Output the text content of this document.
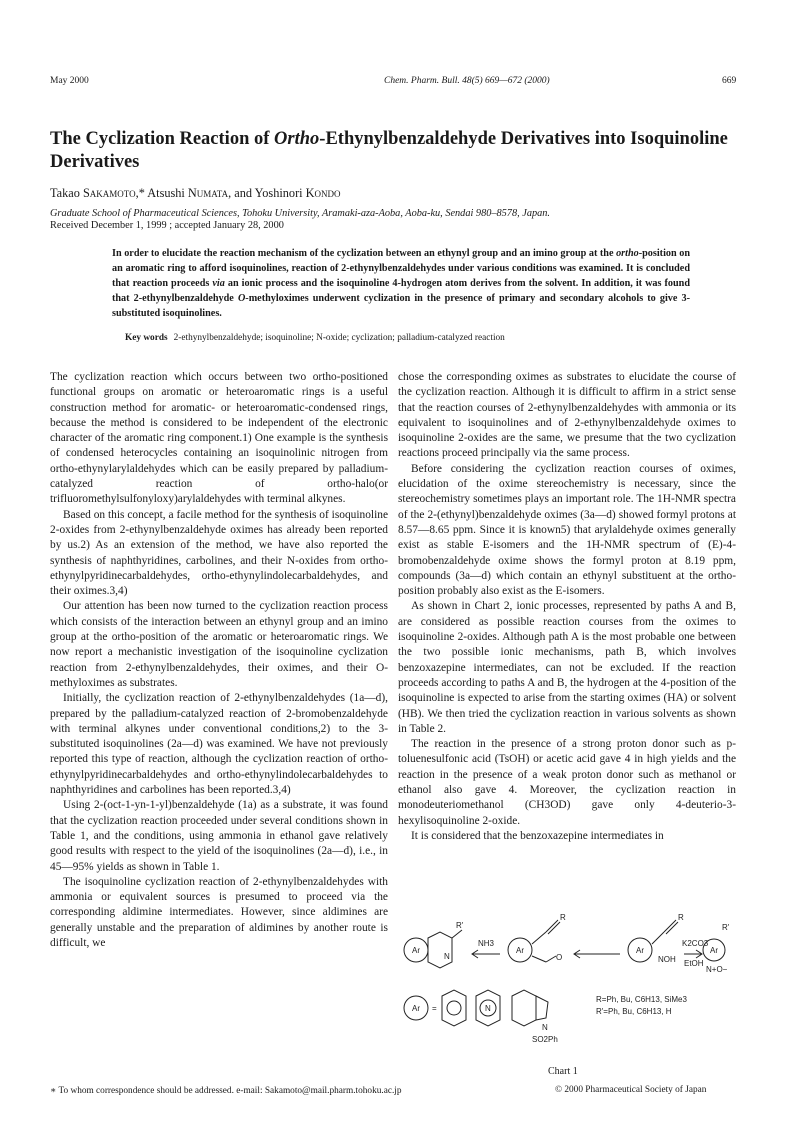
May 2000	Chem. Pharm. Bull. 48(5) 669—672 (2000)	669
The Cyclization Reaction of Ortho-Ethynylbenzaldehyde Derivatives into Isoquinoline Derivatives
Takao Sakamoto,* Atsushi Numata, and Yoshinori Kondo
Graduate School of Pharmaceutical Sciences, Tohoku University, Aramaki-aza-Aoba, Aoba-ku, Sendai 980–8578, Japan.
Received December 1, 1999 ; accepted January 28, 2000
In order to elucidate the reaction mechanism of the cyclization between an ethynyl group and an imino group at the ortho-position on an aromatic ring to afford isoquinolines, reaction of 2-ethynylbenzaldehydes under various conditions was examined. It is concluded that reaction proceeds via an ionic process and the isoquinoline 4-hydrogen atom derives from the solvent. In addition, it was found that 2-ethynylbenzaldehyde O-methyloximes underwent cyclization in the presence of primary and secondary alcohols to give 3-substituted isoquinolines.
Key words 2-ethynylbenzaldehyde; isoquinoline; N-oxide; cyclization; palladium-catalyzed reaction

The cyclization reaction which occurs between two ortho-positioned functional groups on aromatic or heteroaromatic rings is a useful construction method for aromatic- or heteroaromatic-condensed rings, because the method is considered to be independent of the electronic character of the aromatic ring component.1) One example is the synthesis of condensed heterocycles containing an isoquinolinic nitrogen from ortho-ethynylarylaldehydes which can be easily prepared by palladium-catalyzed reaction of ortho-halo(or trifluoromethylsulfonyloxy)arylaldehydes with terminal alkynes.

Based on this concept, a facile method for the synthesis of isoquinoline 2-oxides from 2-ethynylbenzaldehyde oximes has already been reported by us.2) As an extension of the method, we have also reported the synthesis of naphthyridines, carbolines, and their N-oxides from ortho-ethynylpyridinecarbaldehydes, ortho-ethynylindolecarbaldehydes, and their oximes.3,4)

Our attention has been now turned to the cyclization reaction process which consists of the interaction between an ethynyl group and an imino group at the ortho-position of the aromatic or heteroaromatic rings. We now report a mechanistic investigation of the isoquinoline cyclization reaction from 2-ethynylbenzaldehydes, their oximes, and their O-methyloximes as substrates.

Initially, the cyclization reaction of 2-ethynylbenzaldehydes (1a—d), prepared by the palladium-catalyzed reaction of 2-bromobenzaldehyde with terminal alkynes under conventional conditions,2) to the 3-substituted isoquinolines (2a—d) was examined. We have not previously reported this type of reaction, although the cyclization reaction of ortho-ethynylpyridinecarbaldehydes and ortho-ethynylindolecarbaldehydes to naphthyridines and carbolines has been reported.3,4)

Using 2-(oct-1-yn-1-yl)benzaldehyde (1a) as a substrate, it was found that the cyclization reaction proceeded under several conditions shown in Table 1, and the conditions, using ammonia in ethanol gave relatively good results with respect to the yield of the isoquinolines (2a—d), i.e., in 45—95% yields as shown in Table 1.

The isoquinoline cyclization reaction of 2-ethynylbenzaldehydes with ammonia or equivalent sources is presumed to proceed via the corresponding aldimine intermediates. However, since aldimines are generally unstable and the preparation of aldimines by another route is difficult, we

chose the corresponding oximes as substrates to elucidate the course of the cyclization reaction. Although it is difficult to affirm in a strict sense that the reaction courses of 2-ethynylbenzaldehydes with ammonia or its equivalent to isoquinolines and of 2-ethynylbenzaldehyde oximes to isoquinoline 2-oxides are the same, we presume that the two cyclization reactions proceed principally via the same process.

Before considering the cyclization reaction courses of oximes, elucidation of the oxime stereochemistry is necessary, since the stereochemistry sometimes plays an important role. The 1H-NMR spectra of the 2-(ethynyl)benzaldehyde oximes (3a—d) showed formyl protons at 8.57—8.65 ppm. Since it is known5) that arylaldehyde oximes generally exist as stable E-isomers and the 1H-NMR spectrum of (E)-4-bromobenzaldehyde oxime shows the formyl proton at 8.19 ppm, compounds (3a—d) which contain an ethynyl substituent at the ortho-position probably also exist as the E-isomers.

As shown in Chart 2, ionic processes, represented by paths A and B, are considered as possible reaction courses from the oximes to isoquinoline 2-oxides. Although path A is the most probable one between the two possible ionic mechanisms, path B, which involves benzoxazepine intermediates, can not be excluded. If the reaction proceeds according to paths A and B, the hydrogen at the 4-position of the isoquinoline is expected to arise from the starting oximes (HA) or solvent (HB). We then tried the cyclization reaction in various solvents as shown in Table 2.

The reaction in the presence of a strong proton donor such as p-toluenesulfonic acid (TsOH) or acetic acid gave 4 in high yields and the reaction in the presence of a weak proton donor such as methanol or ethanol also gave 4. Moreover, the cyclization reaction in monodeuteriomethanol (CH3OD) gave only 4-deuterio-3-hexylisoquinoline 2-oxide.

It is considered that the benzoxazepine intermediates in

Ar
R'
N
NH3
Ar
R
O
Ar
R
NOH
K2CO3
EtOH
Ar
R'
N+O−
Ar =	N
N
SO2Ph
R=Ph, Bu, C6H13, SiMe3
R'=Ph, Bu, C6H13, H
Chart 1
∗ To whom correspondence should be addressed. e-mail: Sakamoto@mail.pharm.tohoku.ac.jp	© 2000 Pharmaceutical Society of Japan
